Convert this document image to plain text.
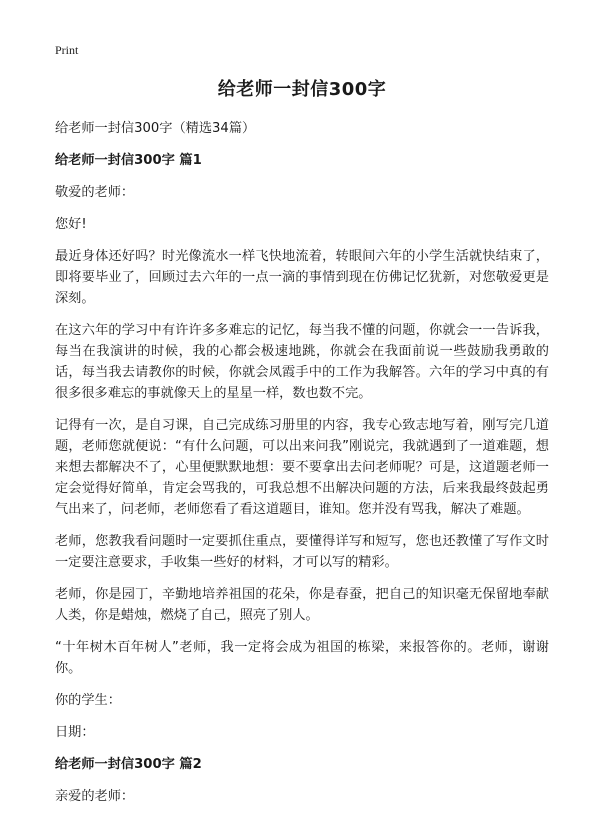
Print
给老师一封信300字
给老师一封信300字（精选34篇）
给老师一封信300字 篇1
敬爱的老师：
您好!
最近身体还好吗？时光像流水一样飞快地流着，转眼间六年的小学生活就快结束了，即将要毕业了，回顾过去六年的一点一滴的事情到现在仿佛记忆犹新，对您敬爱更是深刻。
在这六年的学习中有许许多多难忘的记忆，每当我不懂的问题，你就会一一告诉我，每当在我演讲的时候，我的心都会极速地跳，你就会在我面前说一些鼓励我勇敢的话，每当我去请教你的时候，你就会凤霞手中的工作为我解答。六年的学习中真的有很多很多难忘的事就像天上的星星一样，数也数不完。
记得有一次，是自习课，自己完成练习册里的内容，我专心致志地写着，刚写完几道题，老师您就便说：“有什么问题，可以出来问我”刚说完，我就遇到了一道难题，想来想去都解决不了，心里便默默地想：要不要拿出去问老师呢？可是，这道题老师一定会觉得好简单，肯定会骂我的，可我总想不出解决问题的方法，后来我最终鼓起勇气出来了，问老师，老师您看了看这道题目，谁知。您并没有骂我，解决了难题。
老师，您教我看问题时一定要抓住重点，要懂得详写和短写，您也还教懂了写作文时一定要注意要求，手收集一些好的材料，才可以写的精彩。
老师，你是园丁，辛勤地培养祖国的花朵，你是春蚕，把自己的知识毫无保留地奉献人类，你是蜡烛，燃烧了自己，照亮了别人。
“十年树木百年树人”老师，我一定将会成为祖国的栋梁，来报答你的。老师，谢谢你。
你的学生：
日期：
给老师一封信300字 篇2
亲爱的老师：
